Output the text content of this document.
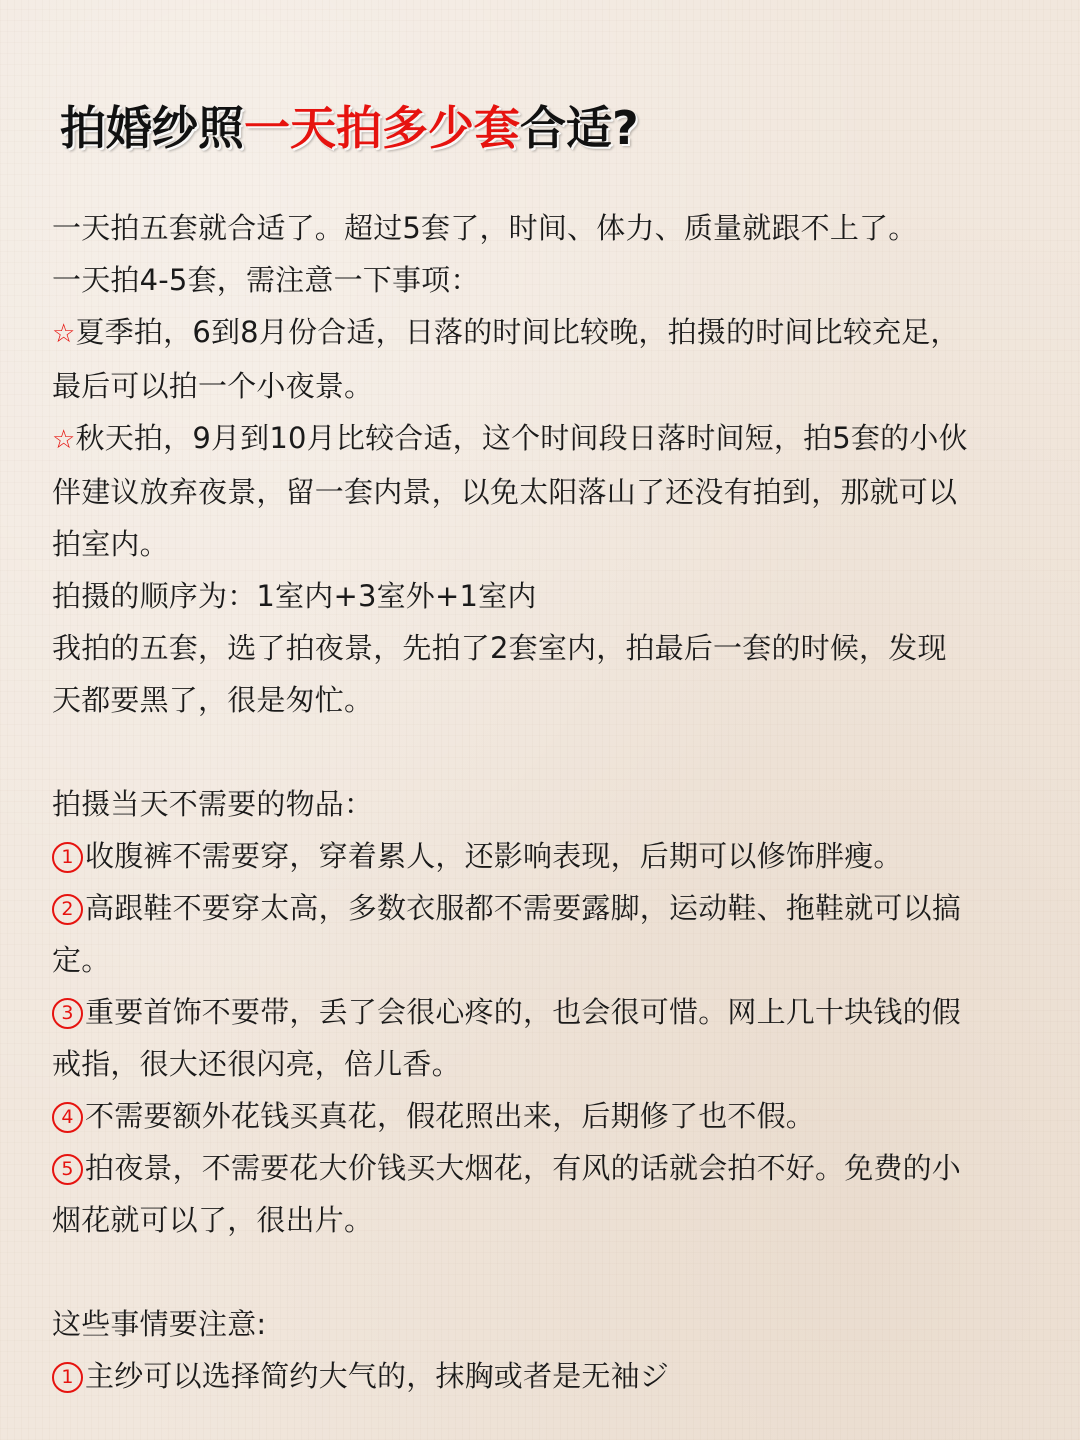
拍婚纱照一天拍多少套合适?

一天拍五套就合适了。超过5套了，时间、体力、质量就跟不上了。

一天拍4-5套，需注意一下事项：

☆夏季拍，6到8月份合适，日落的时间比较晚，拍摄的时间比较充足，

最后可以拍一个小夜景。

☆秋天拍，9月到10月比较合适，这个时间段日落时间短，拍5套的小伙

伴建议放弃夜景，留一套内景，以免太阳落山了还没有拍到，那就可以

拍室内。

拍摄的顺序为：1室内+3室外+1室内

我拍的五套，选了拍夜景，先拍了2套室内，拍最后一套的时候，发现

天都要黑了，很是匆忙。

拍摄当天不需要的物品：

1 收腹裤不需要穿，穿着累人，还影响表现，后期可以修饰胖瘦。

2 高跟鞋不要穿太高，多数衣服都不需要露脚，运动鞋、拖鞋就可以搞

定。

3 重要首饰不要带，丢了会很心疼的，也会很可惜。网上几十块钱的假

戒指，很大还很闪亮，倍儿香。

4 不需要额外花钱买真花，假花照出来，后期修了也不假。

5 拍夜景，不需要花大价钱买大烟花，有风的话就会拍不好。免费的小

烟花就可以了，很出片。

这些事情要注意:

1 主纱可以选择简约大气的，抹胸或者是无袖ジ
